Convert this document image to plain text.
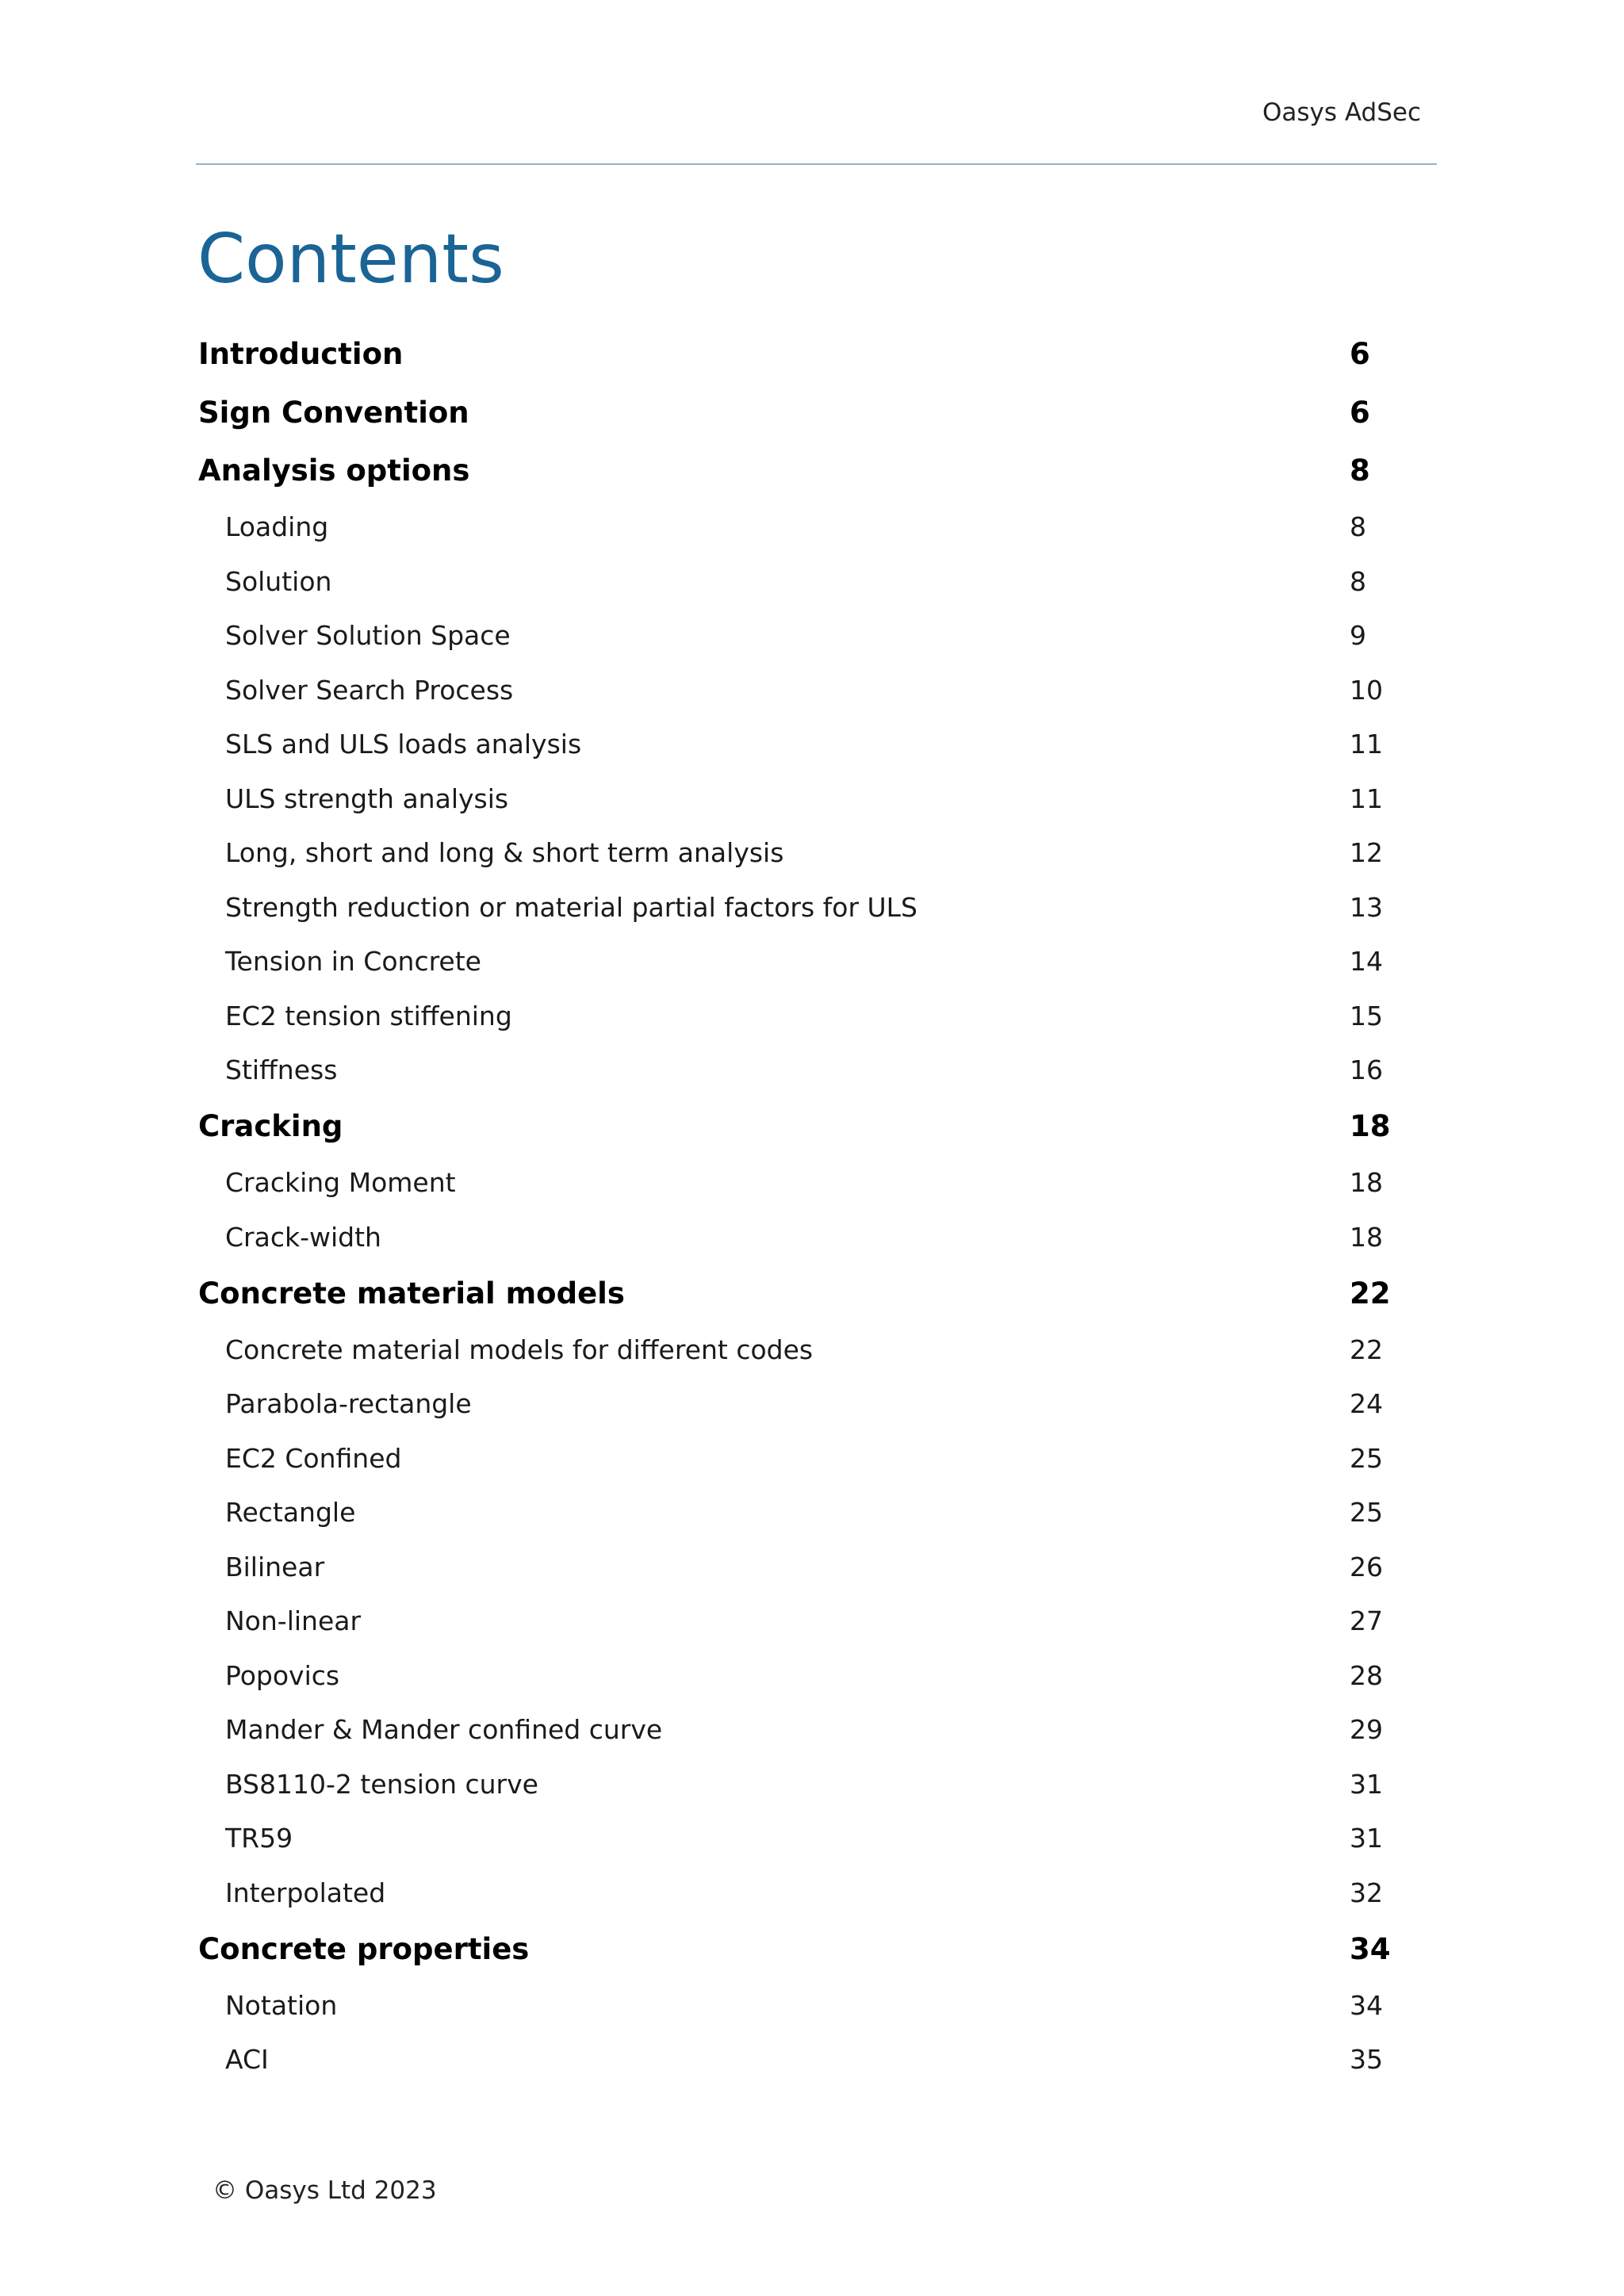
Oasys AdSec
Contents
Introduction	6
Sign Convention	6
Analysis options	8
Loading	8
Solution	8
Solver Solution Space	9
Solver Search Process	10
SLS and ULS loads analysis	11
ULS strength analysis	11
Long, short and long & short term analysis	12
Strength reduction or material partial factors for ULS	13
Tension in Concrete	14
EC2 tension stiffening	15
Stiffness	16
Cracking	18
Cracking Moment	18
Crack-width	18
Concrete material models	22
Concrete material models for different codes	22
Parabola-rectangle	24
EC2 Confined	25
Rectangle	25
Bilinear	26
Non-linear	27
Popovics	28
Mander & Mander confined curve	29
BS8110-2 tension curve	31
TR59	31
Interpolated	32
Concrete properties	34
Notation	34
ACI	35
© Oasys Ltd 2023
